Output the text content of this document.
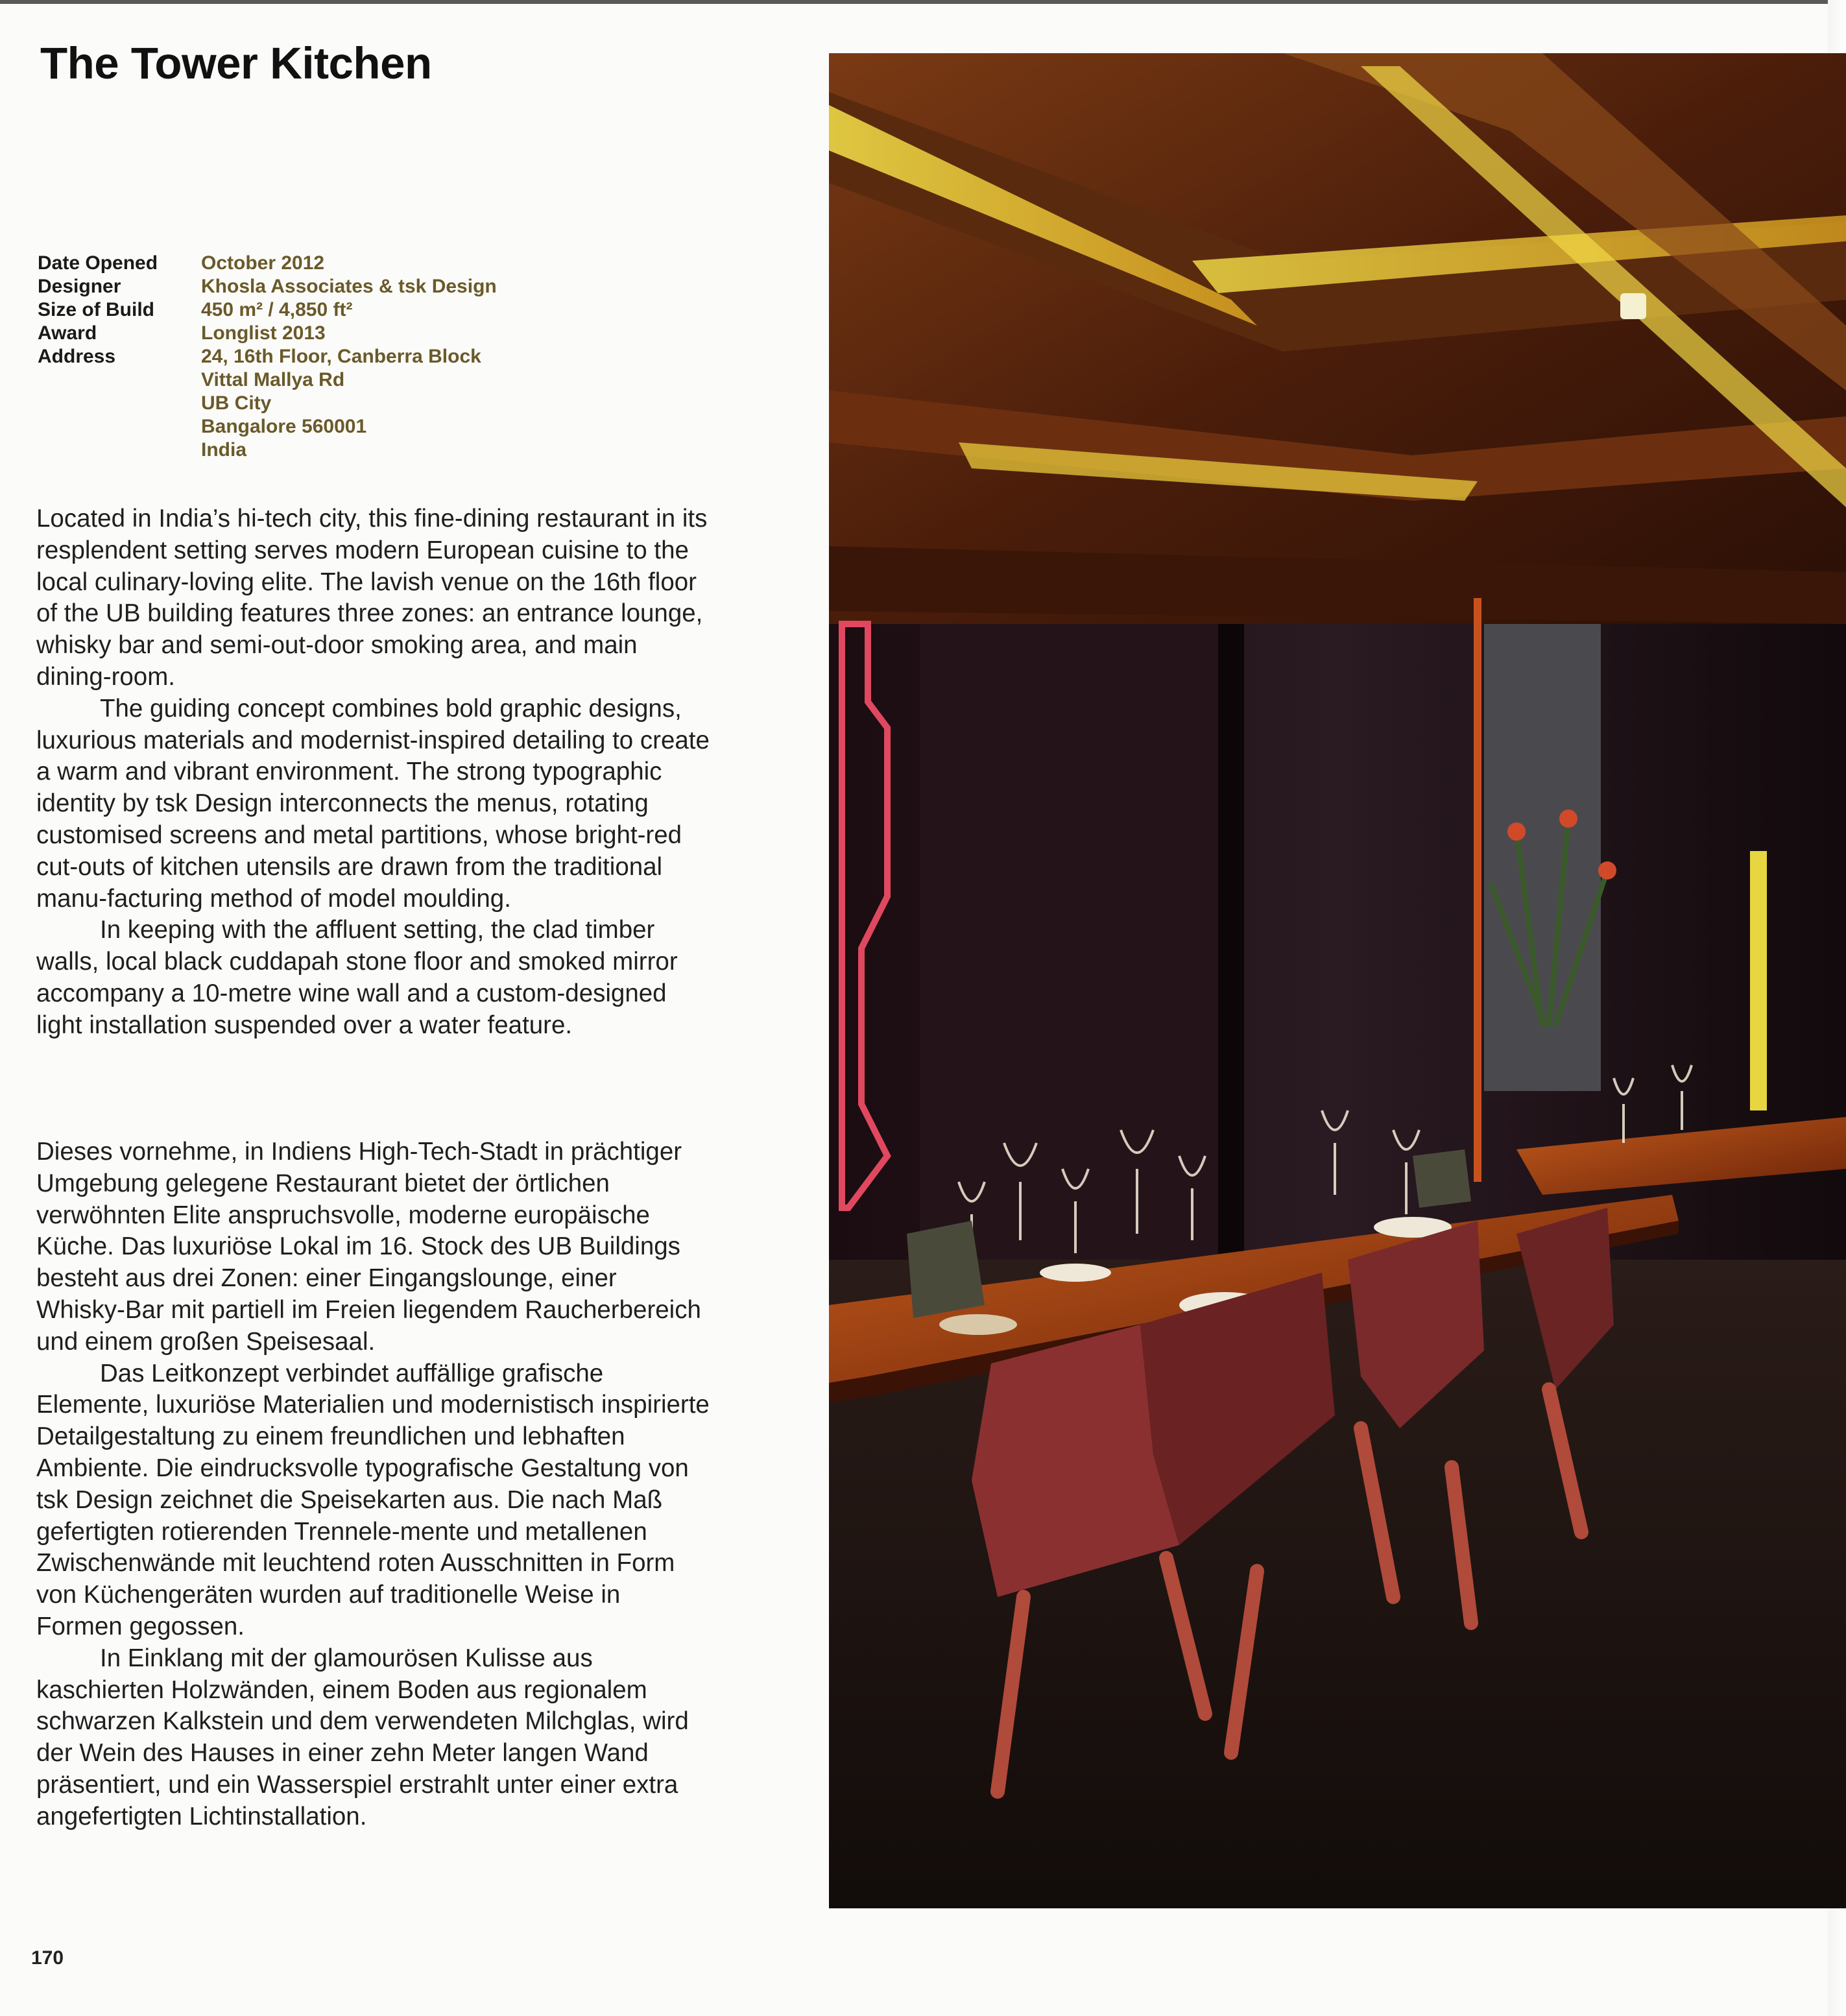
The Tower Kitchen
Date Opened	October 2012
Designer	Khosla Associates & tsk Design
Size of Build	450 m² / 4,850 ft²
Award	Longlist 2013
Address	24, 16th Floor, Canberra Block
Vittal Mallya Rd
UB City
Bangalore 560001
India

Located in India’s hi-tech city, this fine-dining restaurant in its resplendent setting serves modern European cuisine to the local culinary-loving elite. The lavish venue on the 16th floor of the UB building features three zones: an entrance lounge, whisky bar and semi-out-door smoking area, and main dining-room.

The guiding concept combines bold graphic designs, luxurious materials and modernist-inspired detailing to create a warm and vibrant environment. The strong typographic identity by tsk Design interconnects the menus, rotating customised screens and metal partitions, whose bright-red cut-outs of kitchen utensils are drawn from the traditional manu-facturing method of model moulding.

In keeping with the affluent setting, the clad timber walls, local black cuddapah stone floor and smoked mirror accompany a 10-metre wine wall and a custom-designed light installation suspended over a water feature.

Dieses vornehme, in Indiens High-Tech-Stadt in prächtiger Umgebung gelegene Restaurant bietet der örtlichen verwöhnten Elite anspruchsvolle, moderne europäische Küche. Das luxuriöse Lokal im 16. Stock des UB Buildings besteht aus drei Zonen: einer Eingangslounge, einer Whisky-Bar mit partiell im Freien liegendem Raucherbereich und einem großen Speisesaal.

Das Leitkonzept verbindet auffällige grafische Elemente, luxuriöse Materialien und modernistisch inspirierte Detailgestaltung zu einem freundlichen und lebhaften Ambiente. Die eindrucksvolle typografische Gestaltung von tsk Design zeichnet die Speisekarten aus. Die nach Maß gefertigten rotierenden Trennele-mente und metallenen Zwischenwände mit leuchtend roten Ausschnitten in Form von Küchengeräten wurden auf traditionelle Weise in Formen gegossen.

In Einklang mit der glamourösen Kulisse aus kaschierten Holzwänden, einem Boden aus regionalem schwarzen Kalkstein und dem verwendeten Milchglas, wird der Wein des Hauses in einer zehn Meter langen Wand präsentiert, und ein Wasserspiel erstrahlt unter einer extra angefertigten Lichtinstallation.

170
